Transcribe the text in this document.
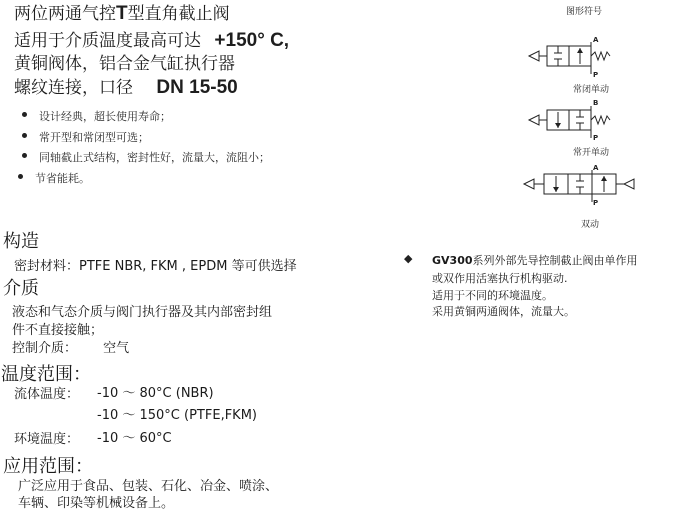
两位两通气控T型直角截止阀
适用于介质温度最高可达 +150° C,
黄铜阀体，铝合金气缸执行器
螺纹连接，口径 DN 15-50
设计经典，超长使用寿命；
常开型和常闭型可选；
同轴截止式结构，密封性好，流量大，流阻小；
节省能耗。
构造
密封材料：PTFE NBR, FKM , EPDM 等可供选择
介质
液态和气态介质与阀门执行器及其内部密封组
件不直接接触；
控制介质： 空气
温度范围：
流体温度： -10 ～ 80°C (NBR)
-10 ～ 150°C (PTFE,FKM)
环境温度： -10 ～ 60°C
应用范围：
广泛应用于食品、包装、石化、冶金、喷涂、
车辆、印染等机械设备上。
图形符号
A
P
常闭单动
B
P
常开单动
A
P
双动
◆ GV300系列外部先导控制截止阀由单作用
或双作用活塞执行机构驱动.
适用于不同的环境温度。
采用黄铜两通阀体，流量大。
